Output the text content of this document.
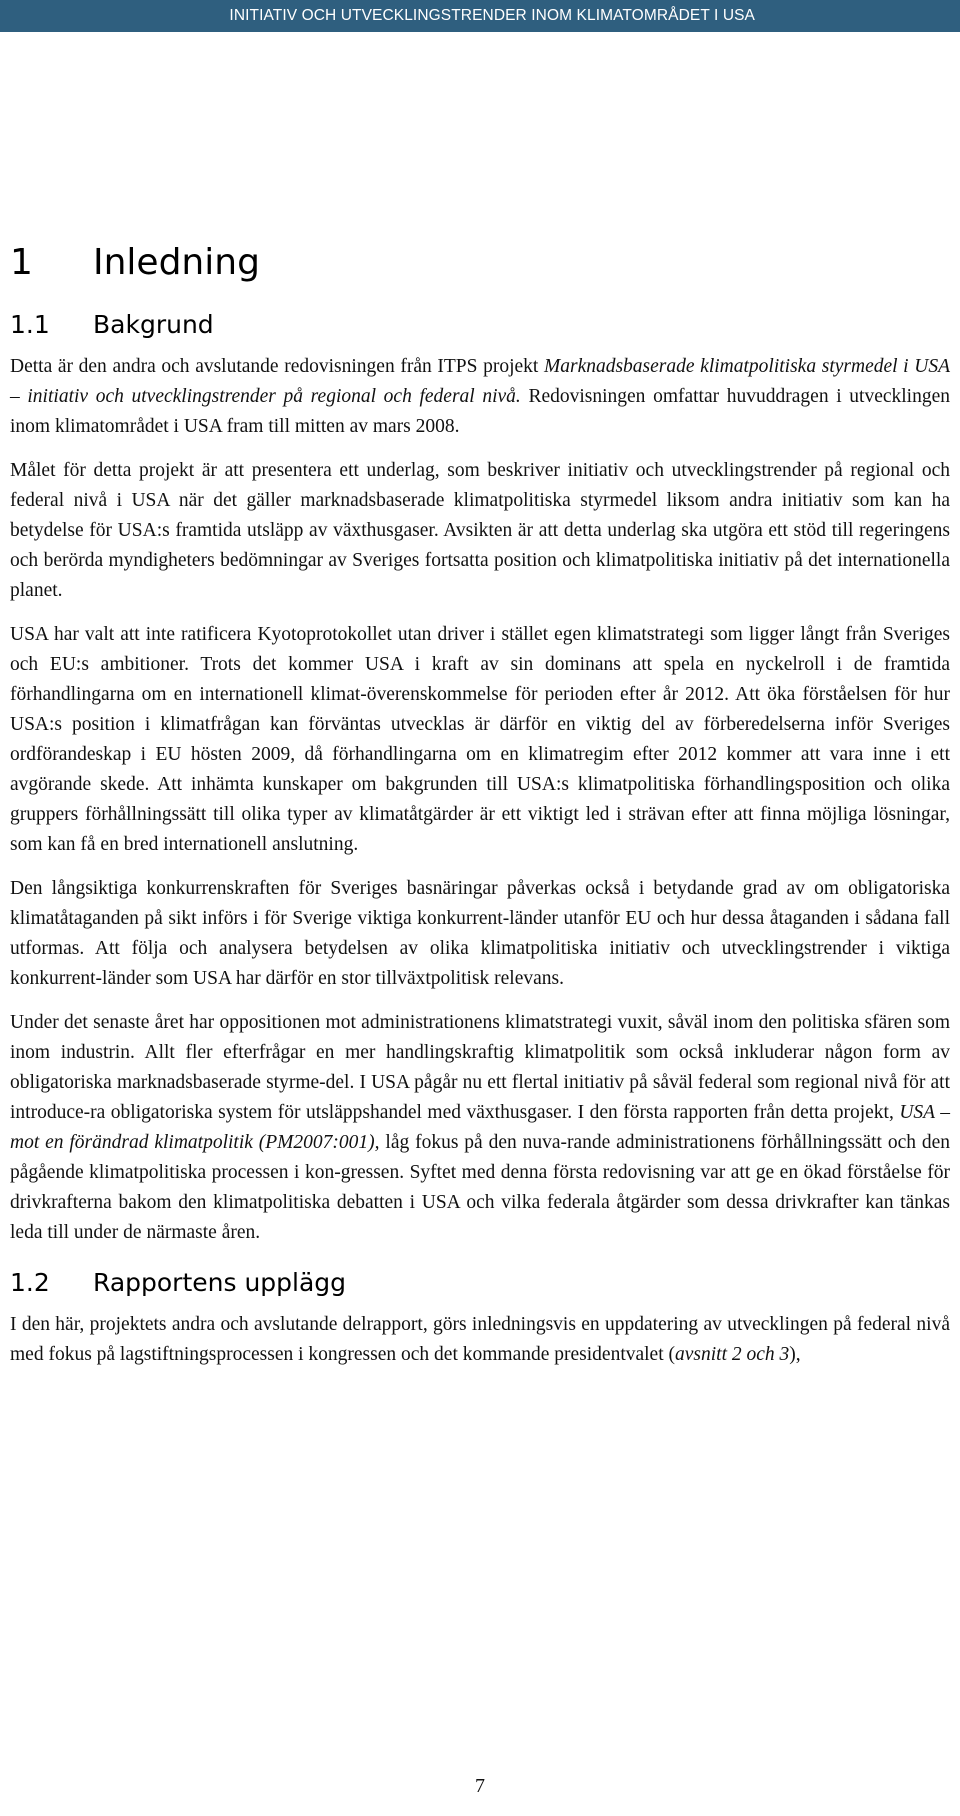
INITIATIV OCH UTVECKLINGSTRENDER INOM KLIMATOMRÅDET I USA
1 Inledning
1.1 Bakgrund

Detta är den andra och avslutande redovisningen från ITPS projekt Marknadsbaserade klimatpolitiska styrmedel i USA – initiativ och utvecklingstrender på regional och federal nivå. Redovisningen omfattar huvuddragen i utvecklingen inom klimatområdet i USA fram till mitten av mars 2008.

Målet för detta projekt är att presentera ett underlag, som beskriver initiativ och utvecklingstrender på regional och federal nivå i USA när det gäller marknadsbaserade klimatpolitiska styrmedel liksom andra initiativ som kan ha betydelse för USA:s framtida utsläpp av växthusgaser. Avsikten är att detta underlag ska utgöra ett stöd till regeringens och berörda myndigheters bedömningar av Sveriges fortsatta position och klimatpolitiska initiativ på det internationella planet.

USA har valt att inte ratificera Kyotoprotokollet utan driver i stället egen klimatstrategi som ligger långt från Sveriges och EU:s ambitioner. Trots det kommer USA i kraft av sin dominans att spela en nyckelroll i de framtida förhandlingarna om en internationell klimat-överenskommelse för perioden efter år 2012. Att öka förståelsen för hur USA:s position i klimatfrågan kan förväntas utvecklas är därför en viktig del av förberedelserna inför Sveriges ordförandeskap i EU hösten 2009, då förhandlingarna om en klimatregim efter 2012 kommer att vara inne i ett avgörande skede. Att inhämta kunskaper om bakgrunden till USA:s klimatpolitiska förhandlingsposition och olika gruppers förhållningssätt till olika typer av klimatåtgärder är ett viktigt led i strävan efter att finna möjliga lösningar, som kan få en bred internationell anslutning.

Den långsiktiga konkurrenskraften för Sveriges basnäringar påverkas också i betydande grad av om obligatoriska klimatåtaganden på sikt införs i för Sverige viktiga konkurrent-länder utanför EU och hur dessa åtaganden i sådana fall utformas. Att följa och analysera betydelsen av olika klimatpolitiska initiativ och utvecklingstrender i viktiga konkurrent-länder som USA har därför en stor tillväxtpolitisk relevans.

Under det senaste året har oppositionen mot administrationens klimatstrategi vuxit, såväl inom den politiska sfären som inom industrin. Allt fler efterfrågar en mer handlingskraftig klimatpolitik som också inkluderar någon form av obligatoriska marknadsbaserade styrme-del. I USA pågår nu ett flertal initiativ på såväl federal som regional nivå för att introduce-ra obligatoriska system för utsläppshandel med växthusgaser. I den första rapporten från detta projekt, USA – mot en förändrad klimatpolitik (PM2007:001), låg fokus på den nuva-rande administrationens förhållningssätt och den pågående klimatpolitiska processen i kon-gressen. Syftet med denna första redovisning var att ge en ökad förståelse för drivkrafterna bakom den klimatpolitiska debatten i USA och vilka federala åtgärder som dessa drivkrafter kan tänkas leda till under de närmaste åren.

1.2 Rapportens upplägg

I den här, projektets andra och avslutande delrapport, görs inledningsvis en uppdatering av utvecklingen på federal nivå med fokus på lagstiftningsprocessen i kongressen och det kommande presidentvalet (avsnitt 2 och 3),

7
